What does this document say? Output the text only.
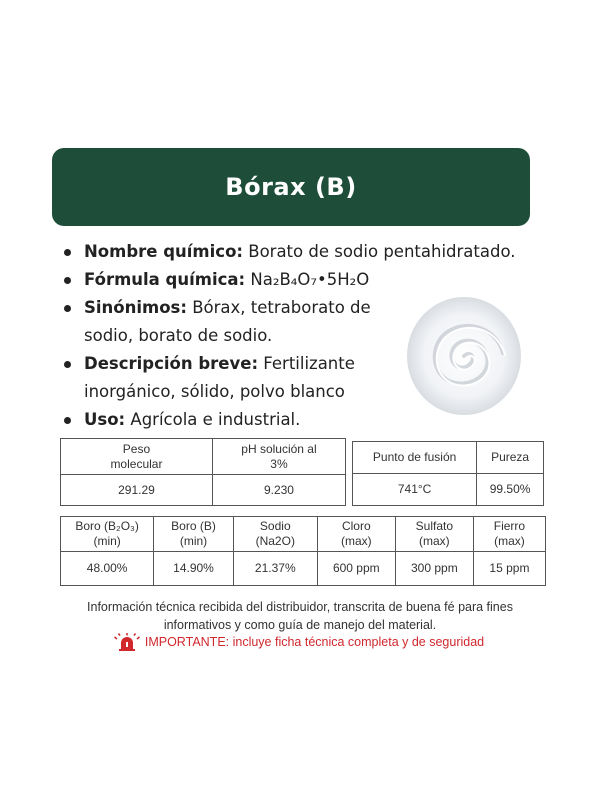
Bórax (B)
Nombre químico: Borato de sodio pentahidratado.
Fórmula química: Na₂B₄O₇•5H₂O
Sinónimos: Bórax, tetraborato de sodio, borato de sodio.
Descripción breve: Fertilizante inorgánico, sólido, polvo blanco
Uso: Agrícola e industrial.
Peso molecular	pH solución al 3%
291.29	9.230
Punto de fusión	Pureza
741°C	99.50%
Boro (B₂O₃) (min)	Boro (B) (min)	Sodio (Na2O)	Cloro (max)	Sulfato (max)	Fierro (max)
48.00%	14.90%	21.37%	600 ppm	300 ppm	15 ppm
Información técnica recibida del distribuidor, transcrita de buena fé para fines informativos y como guía de manejo del material.
IMPORTANTE: incluye ficha técnica completa y de seguridad
